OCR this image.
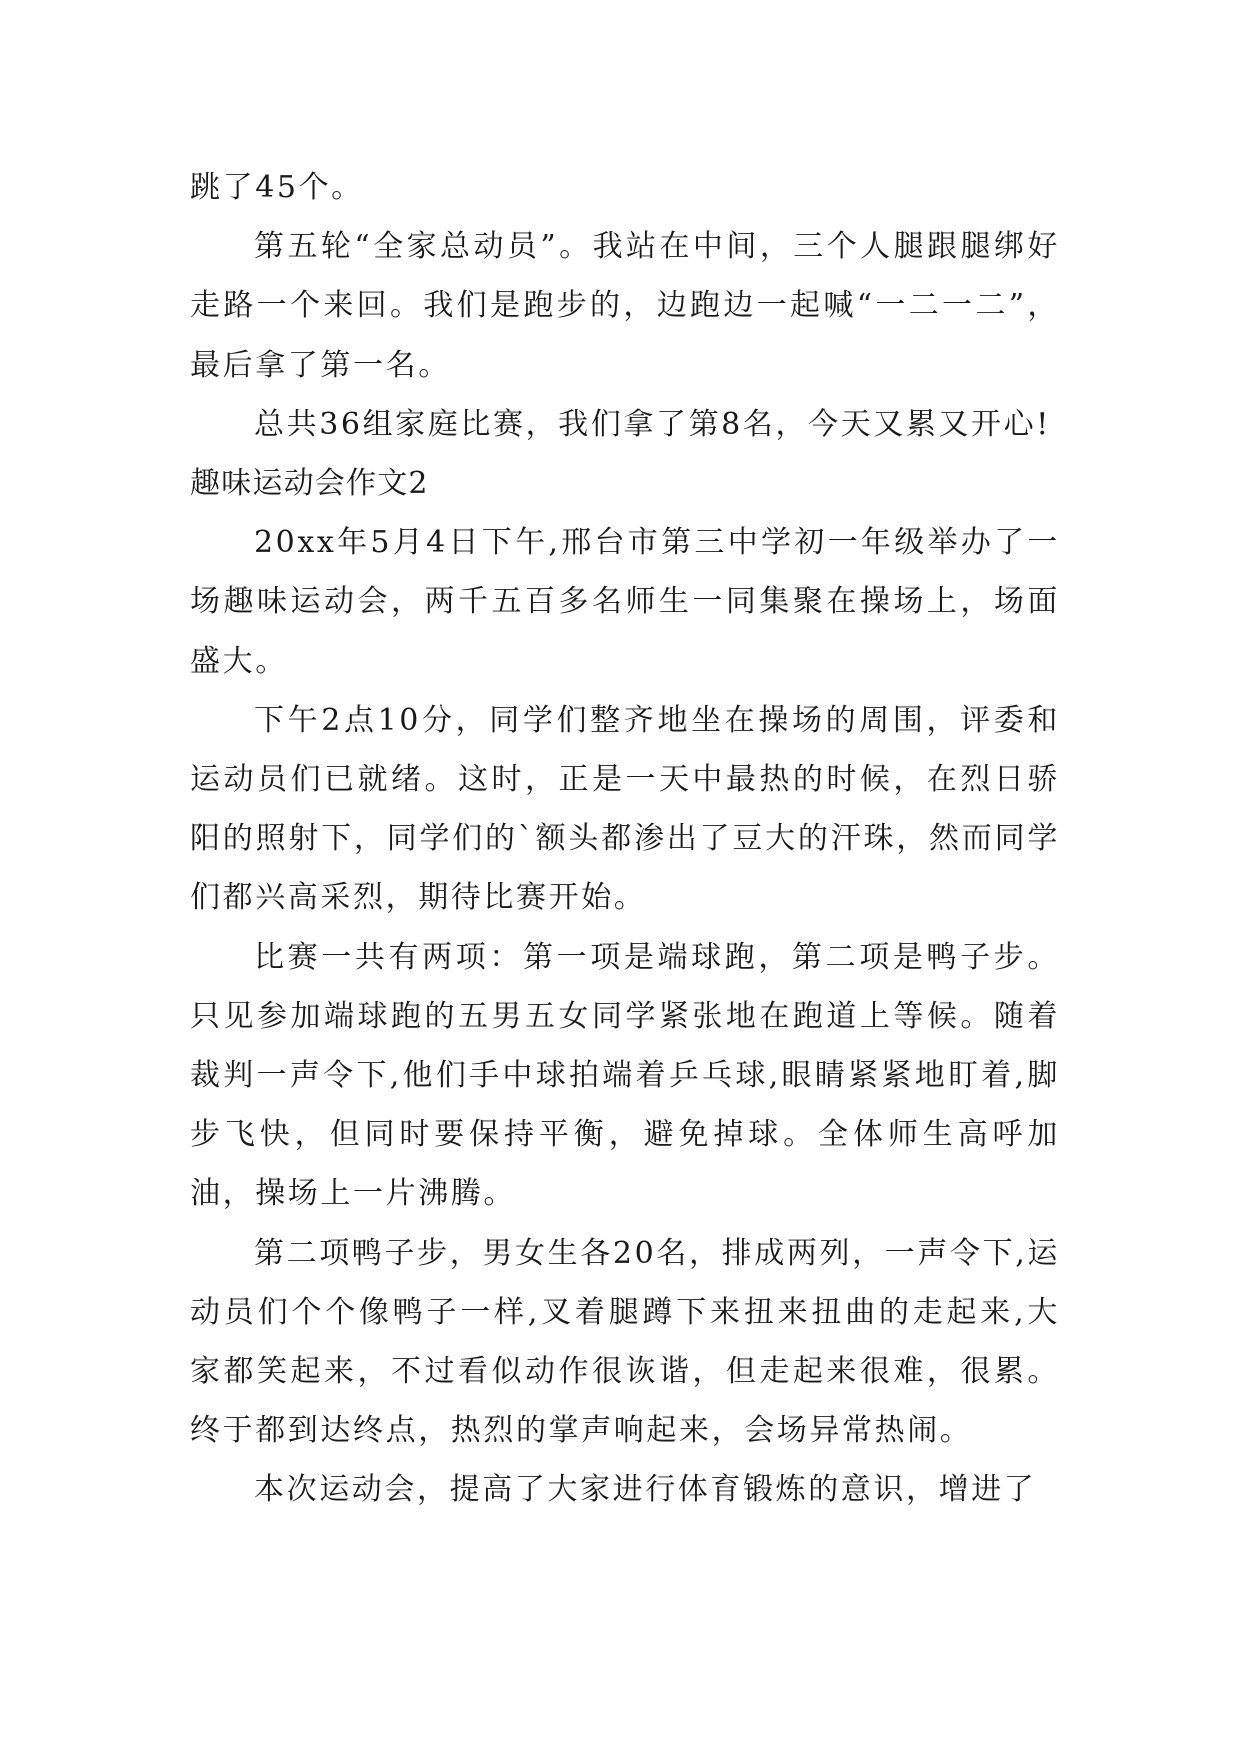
跳了45个。

第五轮“全家总动员”。我站在中间，三个人腿跟腿绑好走路一个来回。我们是跑步的，边跑边一起喊“一二一二”，最后拿了第一名。

总共36组家庭比赛，我们拿了第8名，今天又累又开心!

趣味运动会作文2

20xx年5月4日下午,邢台市第三中学初一年级举办了一场趣味运动会，两千五百多名师生一同集聚在操场上，场面盛大。

下午2点10分，同学们整齐地坐在操场的周围，评委和运动员们已就绪。这时，正是一天中最热的时候，在烈日骄阳的照射下，同学们的`额头都渗出了豆大的汗珠，然而同学们都兴高采烈，期待比赛开始。

比赛一共有两项：第一项是端球跑，第二项是鸭子步。只见参加端球跑的五男五女同学紧张地在跑道上等候。随着裁判一声令下,他们手中球拍端着乒乓球,眼睛紧紧地盯着,脚步飞快，但同时要保持平衡，避免掉球。全体师生高呼加油，操场上一片沸腾。

第二项鸭子步，男女生各20名，排成两列，一声令下,运动员们个个像鸭子一样,叉着腿蹲下来扭来扭曲的走起来,大家都笑起来，不过看似动作很诙谐，但走起来很难，很累。终于都到达终点，热烈的掌声响起来，会场异常热闹。

本次运动会，提高了大家进行体育锻炼的意识，增进了
